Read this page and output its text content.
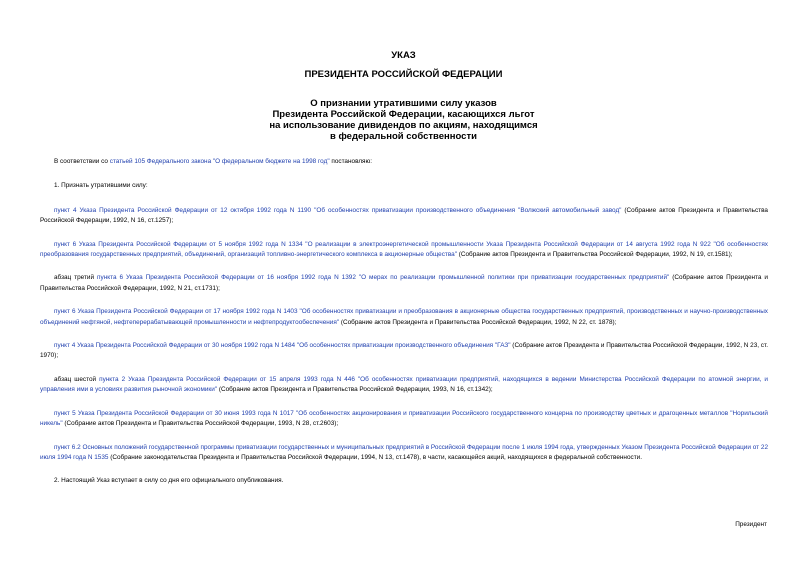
УКАЗ
ПРЕЗИДЕНТА РОССИЙСКОЙ ФЕДЕРАЦИИ
О признании утратившими силу указов
Президента Российской Федерации, касающихся льгот
на использование дивидендов по акциям, находящимся
в федеральной собственности

В соответствии со статьей 105 Федерального закона "О федеральном бюджете на 1998 год" постановляю:

1. Признать утратившими силу:

пункт 4 Указа Президента Российской Федерации от 12 октября 1992 года N 1190 "Об особенностях приватизации производственного объединения "Волжский автомобильный завод" (Собрание актов Президента и Правительства Российской Федерации, 1992, N 16, ст.1257);

пункт 6 Указа Президента Российской Федерации от 5 ноября 1992 года N 1334 "О реализации в электроэнергетической промышленности Указа Президента Российской Федерации от 14 августа 1992 года N 922 "Об особенностях преобразования государственных предприятий, объединений, организаций топливно-энергетического комплекса в акционерные общества" (Собрание актов Президента и Правительства Российской Федерации, 1992, N 19, ст.1581);

абзац третий пункта 6 Указа Президента Российской Федерации от 16 ноября 1992 года N 1392 "О мерах по реализации промышленной политики при приватизации государственных предприятий" (Собрание актов Президента и Правительства Российской Федерации, 1992, N 21, ст.1731);

пункт 6 Указа Президента Российской Федерации от 17 ноября 1992 года N 1403 "Об особенностях приватизации и преобразования в акционерные общества государственных предприятий, производственных и научно-производственных объединений нефтяной, нефтеперерабатывающей промышленности и нефтепродуктообеспечения" (Собрание актов Президента и Правительства Российской Федерации, 1992, N 22, ст. 1878);

пункт 4 Указа Президента Российской Федерации от 30 ноября 1992 года N 1484 "Об особенностях приватизации производственного объединения "ГАЗ" (Собрание актов Президента и Правительства Российской Федерации, 1992, N 23, ст. 1970);

абзац шестой пункта 2 Указа Президента Российской Федерации от 15 апреля 1993 года N 446 "Об особенностях приватизации предприятий, находящихся в ведении Министерства Российской Федерации по атомной энергии, и управления ими в условиях развития рыночной экономики" (Собрание актов Президента и Правительства Российской Федерации, 1993, N 16, ст.1342);

пункт 5 Указа Президента Российской Федерации от 30 июня 1993 года N 1017 "Об особенностях акционирования и приватизации Российского государственного концерна по производству цветных и драгоценных металлов "Норильский никель" (Собрание актов Президента и Правительства Российской Федерации, 1993, N 28, ст.2603);

пункт 6.2 Основных положений государственной программы приватизации государственных и муниципальных предприятий в Российской Федерации после 1 июля 1994 года, утвержденных Указом Президента Российской Федерации от 22 июля 1994 года N 1535 (Собрание законодательства Президента и Правительства Российской Федерации, 1994, N 13, ст.1478), в части, касающейся акций, находящихся в федеральной собственности.

2. Настоящий Указ вступает в силу со дня его официального опубликования.

Президент
